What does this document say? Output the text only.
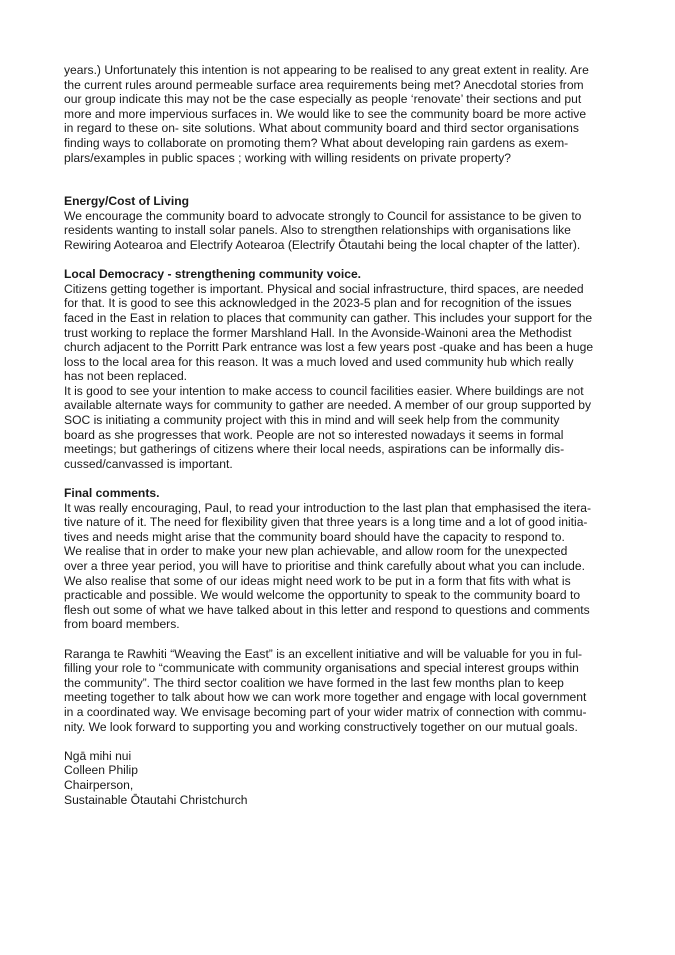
years.) Unfortunately this intention is not appearing to be realised to any great extent in reality. Are
the current rules around permeable surface area requirements being met? Anecdotal stories from
our group indicate this may not be the case especially as people ‘renovate’ their sections and put
more and more impervious surfaces in. We would like to see the community board be more active
in regard to these on- site solutions. What about community board and third sector organisations
finding ways to collaborate on promoting them? What about developing rain gardens as exem-
plars/examples in public spaces ; working with willing residents on private property?

Energy/Cost of Living

We encourage the community board to advocate strongly to Council for assistance to be given to
residents wanting to install solar panels. Also to strengthen relationships with organisations like
Rewiring Aotearoa and Electrify Aotearoa (Electrify Ōtautahi being the local chapter of the latter).

Local Democracy - strengthening community voice.

Citizens getting together is important. Physical and social infrastructure, third spaces, are needed
for that. It is good to see this acknowledged in the 2023-5 plan and for recognition of the issues
faced in the East in relation to places that community can gather. This includes your support for the
trust working to replace the former Marshland Hall. In the Avonside-Wainoni area the Methodist
church adjacent to the Porritt Park entrance was lost a few years post -quake and has been a huge
loss to the local area for this reason. It was a much loved and used community hub which really
has not been replaced.

It is good to see your intention to make access to council facilities easier. Where buildings are not
available alternate ways for community to gather are needed. A member of our group supported by
SOC is initiating a community project with this in mind and will seek help from the community
board as she progresses that work. People are not so interested nowadays it seems in formal
meetings; but gatherings of citizens where their local needs, aspirations can be informally dis-
cussed/canvassed is important.

Final comments.

It was really encouraging, Paul, to read your introduction to the last plan that emphasised the itera-
tive nature of it. The need for flexibility given that three years is a long time and a lot of good initia-
tives and needs might arise that the community board should have the capacity to respond to.

We realise that in order to make your new plan achievable, and allow room for the unexpected
over a three year period, you will have to prioritise and think carefully about what you can include.
We also realise that some of our ideas might need work to be put in a form that fits with what is
practicable and possible. We would welcome the opportunity to speak to the community board to
flesh out some of what we have talked about in this letter and respond to questions and comments
from board members.

Raranga te Rawhiti “Weaving the East” is an excellent initiative and will be valuable for you in ful-
filling your role to “communicate with community organisations and special interest groups within
the community”. The third sector coalition we have formed in the last few months plan to keep
meeting together to talk about how we can work more together and engage with local government
in a coordinated way. We envisage becoming part of your wider matrix of connection with commu-
nity. We look forward to supporting you and working constructively together on our mutual goals.

Ngā mihi nui

Colleen Philip

Chairperson,

Sustainable Ōtautahi Christchurch
